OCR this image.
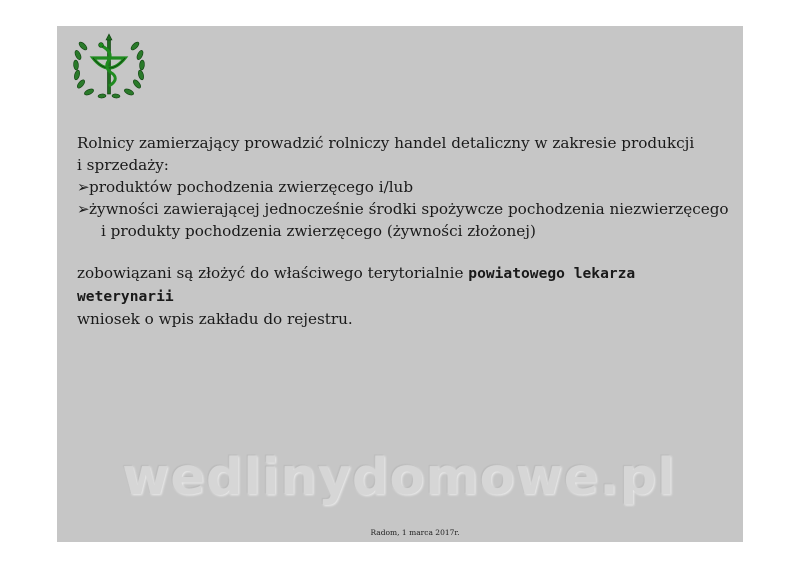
Rolnicy zamierzający prowadzić rolniczy handel detaliczny w zakresie produkcji

i sprzedaży:

➢produktów pochodzenia zwierzęcego i/lub

➢żywności zawierającej jednocześnie środki spożywcze pochodzenia niezwierzęcego

i produkty pochodzenia zwierzęcego (żywności złożonej)

zobowiązani są złożyć do właściwego terytorialnie powiatowego lekarza weterynarii

wniosek o wpis zakładu do rejestru.

wedlinydomowe.pl
Radom, 1 marca 2017r.
